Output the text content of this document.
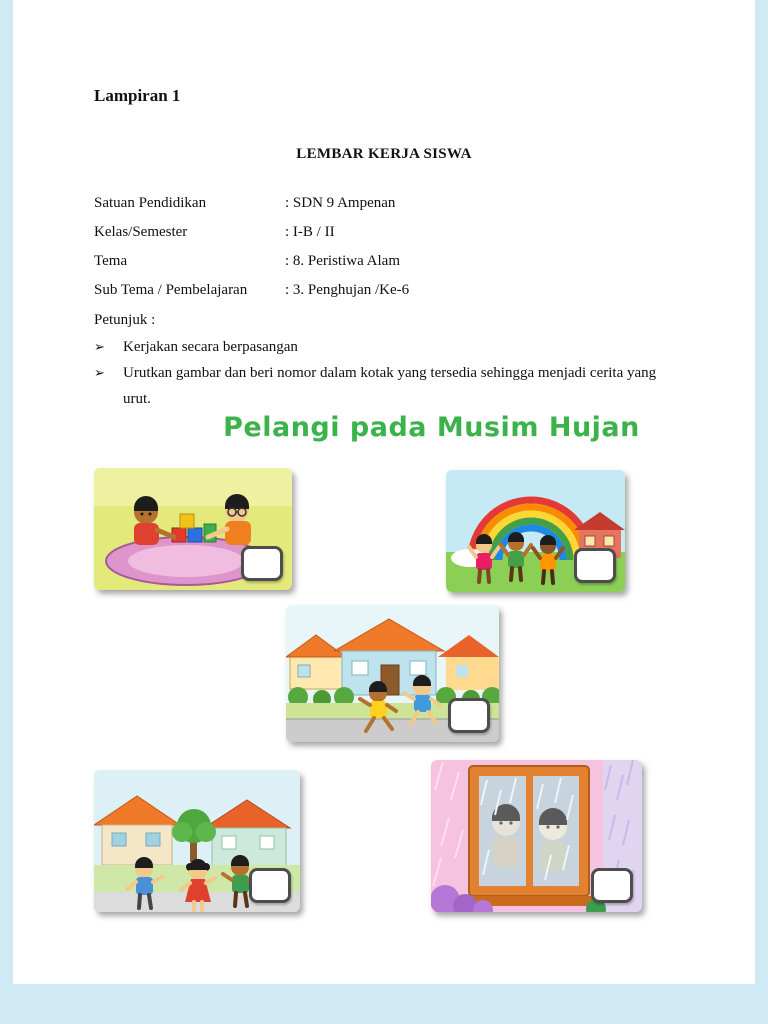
Lampiran 1
LEMBAR KERJA SISWA
Satuan Pendidikan	: SDN 9 Ampenan
Kelas/Semester	: I-B / II
Tema	: 8. Peristiwa Alam
Sub Tema / Pembelajaran	: 3. Penghujan /Ke-6
Petunjuk :
➢	Kerjakan secara berpasangan
➢	Urutkan gambar dan beri nomor dalam kotak yang tersedia sehingga menjadi cerita yang urut.
Pelangi pada Musim Hujan
